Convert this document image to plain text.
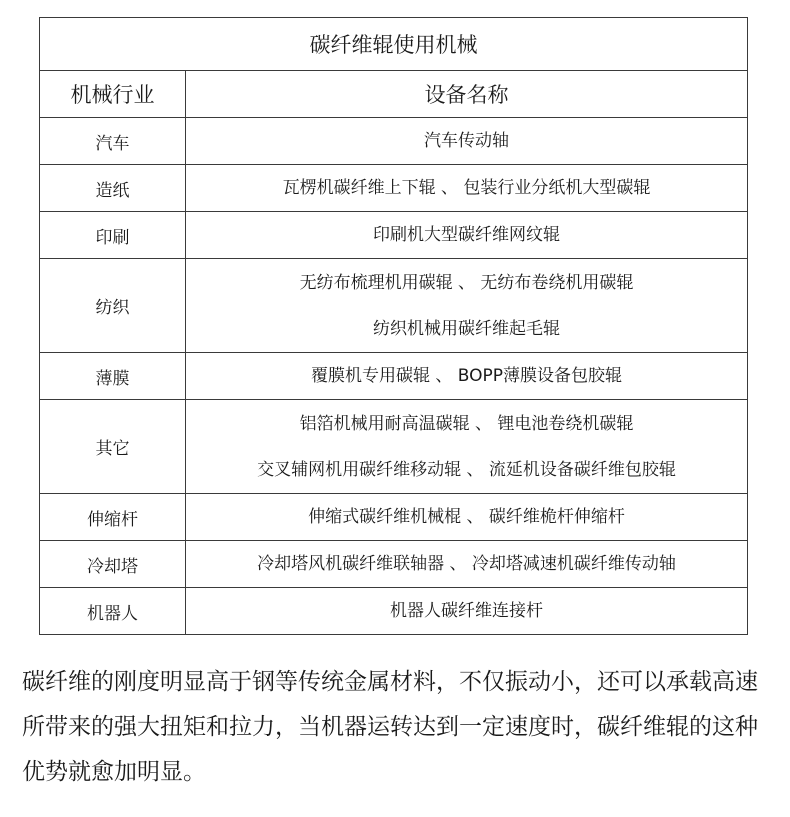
碳纤维辊使用机械	
机械行业	设备名称
汽车	汽车传动轴

造纸	瓦楞机碳纤维上下辊 、 包装行业分纸机大型碳辊

印刷	印刷机大型碳纤维网纹辊

纺织	无纺布梳理机用碳辊 、 无纺布卷绕机用碳辊
纺织机械用碳纤维起毛辊

薄膜	覆膜机专用碳辊 、 BOPP薄膜设备包胶辊

其它	铝箔机械用耐高温碳辊 、 锂电池卷绕机碳辊
交叉辅网机用碳纤维移动辊 、 流延机设备碳纤维包胶辊

伸缩杆	伸缩式碳纤维机械棍 、 碳纤维桅杆伸缩杆

冷却塔	冷却塔风机碳纤维联轴器 、 冷却塔减速机碳纤维传动轴

机器人	机器人碳纤维连接杆

碳纤维的刚度明显高于钢等传统金属材料，不仅振动小，还可以承载高速所带来的强大扭矩和拉力，当机器运转达到一定速度时，碳纤维辊的这种优势就愈加明显。
